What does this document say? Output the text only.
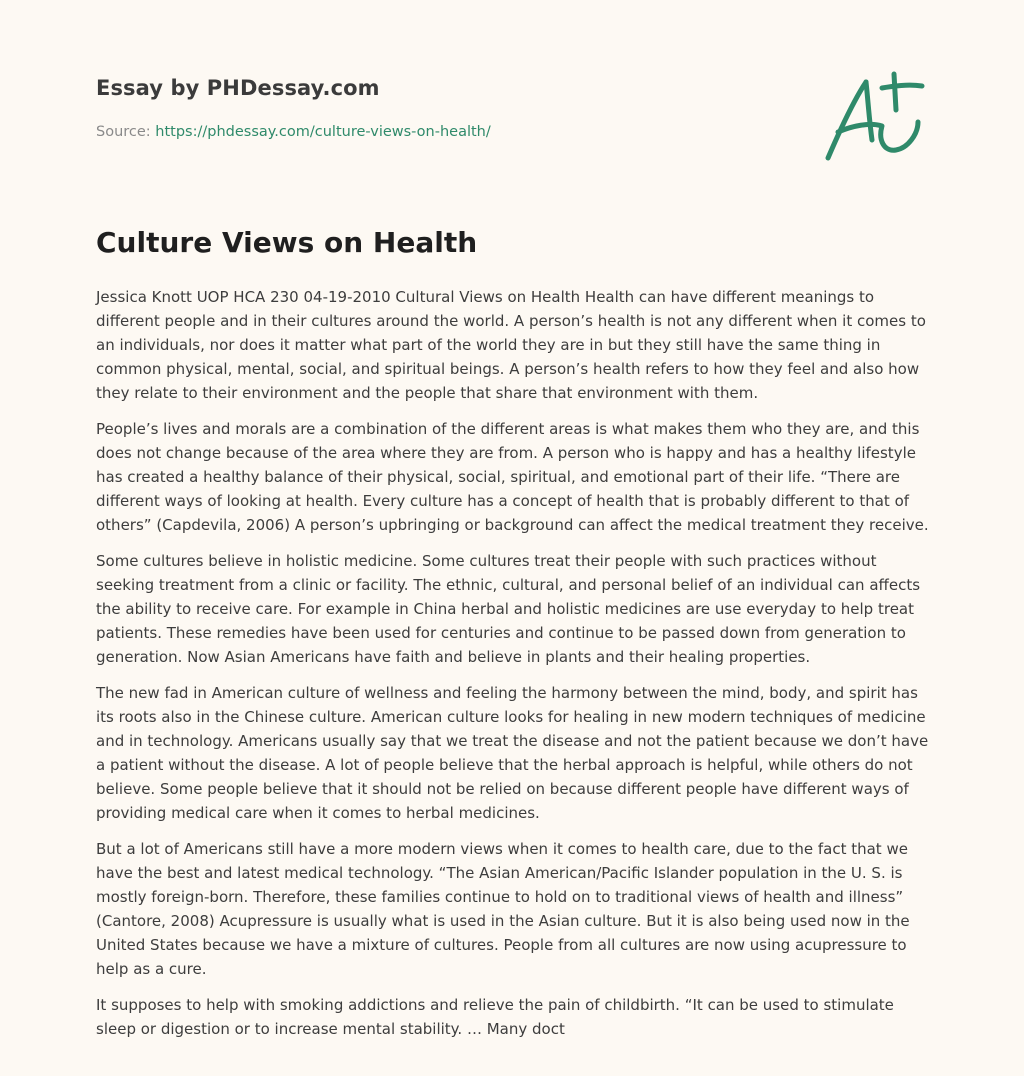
Essay by PHDessay.com
Source: https://phdessay.com/culture-views-on-health/
Culture Views on Health

Jessica Knott UOP HCA 230 04-19-2010 Cultural Views on Health Health can have different meanings to different people and in their cultures around the world. A person’s health is not any different when it comes to an individuals, nor does it matter what part of the world they are in but they still have the same thing in common physical, mental, social, and spiritual beings. A person’s health refers to how they feel and also how they relate to their environment and the people that share that environment with them.

People’s lives and morals are a combination of the different areas is what makes them who they are, and this does not change because of the area where they are from. A person who is happy and has a healthy lifestyle has created a healthy balance of their physical, social, spiritual, and emotional part of their life. “There are different ways of looking at health. Every culture has a concept of health that is probably different to that of others” (Capdevila, 2006) A person’s upbringing or background can affect the medical treatment they receive.

Some cultures believe in holistic medicine. Some cultures treat their people with such practices without seeking treatment from a clinic or facility. The ethnic, cultural, and personal belief of an individual can affects the ability to receive care. For example in China herbal and holistic medicines are use everyday to help treat patients. These remedies have been used for centuries and continue to be passed down from generation to generation. Now Asian Americans have faith and believe in plants and their healing properties.

The new fad in American culture of wellness and feeling the harmony between the mind, body, and spirit has its roots also in the Chinese culture. American culture looks for healing in new modern techniques of medicine and in technology. Americans usually say that we treat the disease and not the patient because we don’t have a patient without the disease. A lot of people believe that the herbal approach is helpful, while others do not believe. Some people believe that it should not be relied on because different people have different ways of providing medical care when it comes to herbal medicines.

But a lot of Americans still have a more modern views when it comes to health care, due to the fact that we have the best and latest medical technology. “The Asian American/Pacific Islander population in the U. S. is mostly foreign-born. Therefore, these families continue to hold on to traditional views of health and illness” (Cantore, 2008) Acupressure is usually what is used in the Asian culture. But it is also being used now in the United States because we have a mixture of cultures. People from all cultures are now using acupressure to help as a cure.

It supposes to help with smoking addictions and relieve the pain of childbirth. “It can be used to stimulate sleep or digestion or to increase mental stability. … Many doct
